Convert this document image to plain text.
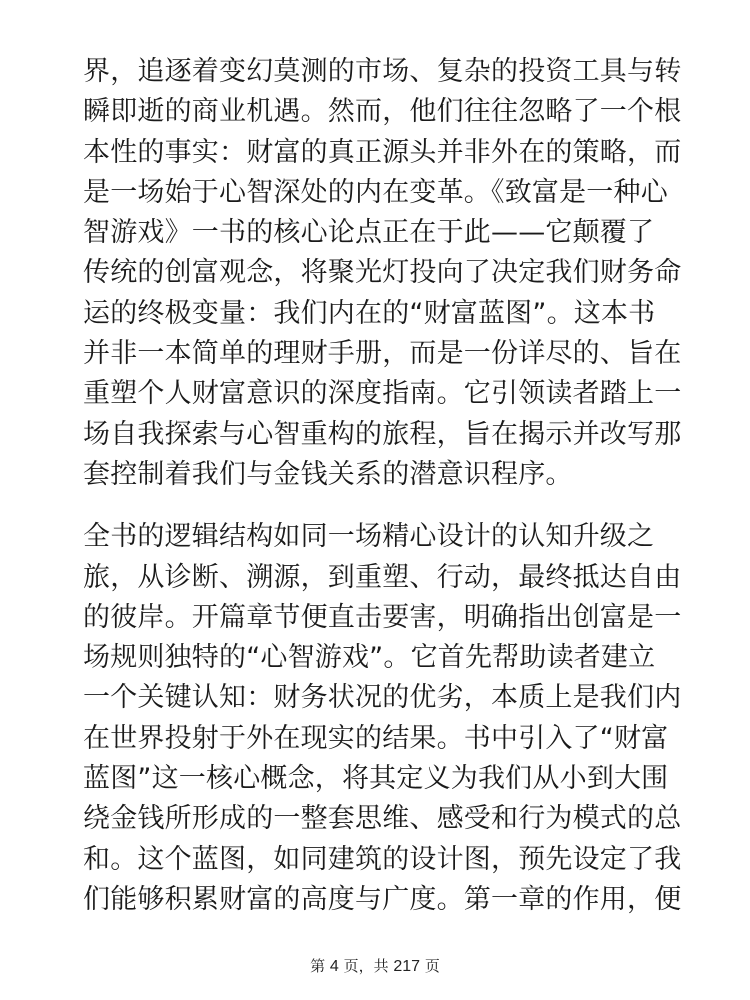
界，追逐着变幻莫测的市场、复杂的投资工具与转
瞬即逝的商业机遇。然而，他们往往忽略了一个根
本性的事实：财富的真正源头并非外在的策略，而
是一场始于心智深处的内在变革。《致富是一种心
智游戏》一书的核心论点正在于此——它颠覆了
传统的创富观念，将聚光灯投向了决定我们财务命
运的终极变量：我们内在的“财富蓝图”。这本书
并非一本简单的理财手册，而是一份详尽的、旨在
重塑个人财富意识的深度指南。它引领读者踏上一
场自我探索与心智重构的旅程，旨在揭示并改写那
套控制着我们与金钱关系的潜意识程序。
全书的逻辑结构如同一场精心设计的认知升级之
旅，从诊断、溯源，到重塑、行动，最终抵达自由
的彼岸。开篇章节便直击要害，明确指出创富是一
场规则独特的“心智游戏”。它首先帮助读者建立
一个关键认知：财务状况的优劣，本质上是我们内
在世界投射于外在现实的结果。书中引入了“财富
蓝图”这一核心概念，将其定义为我们从小到大围
绕金钱所形成的一整套思维、感受和行为模式的总
和。这个蓝图，如同建筑的设计图，预先设定了我
们能够积累财富的高度与广度。第一章的作用，便
第 4 页，共 217 页
